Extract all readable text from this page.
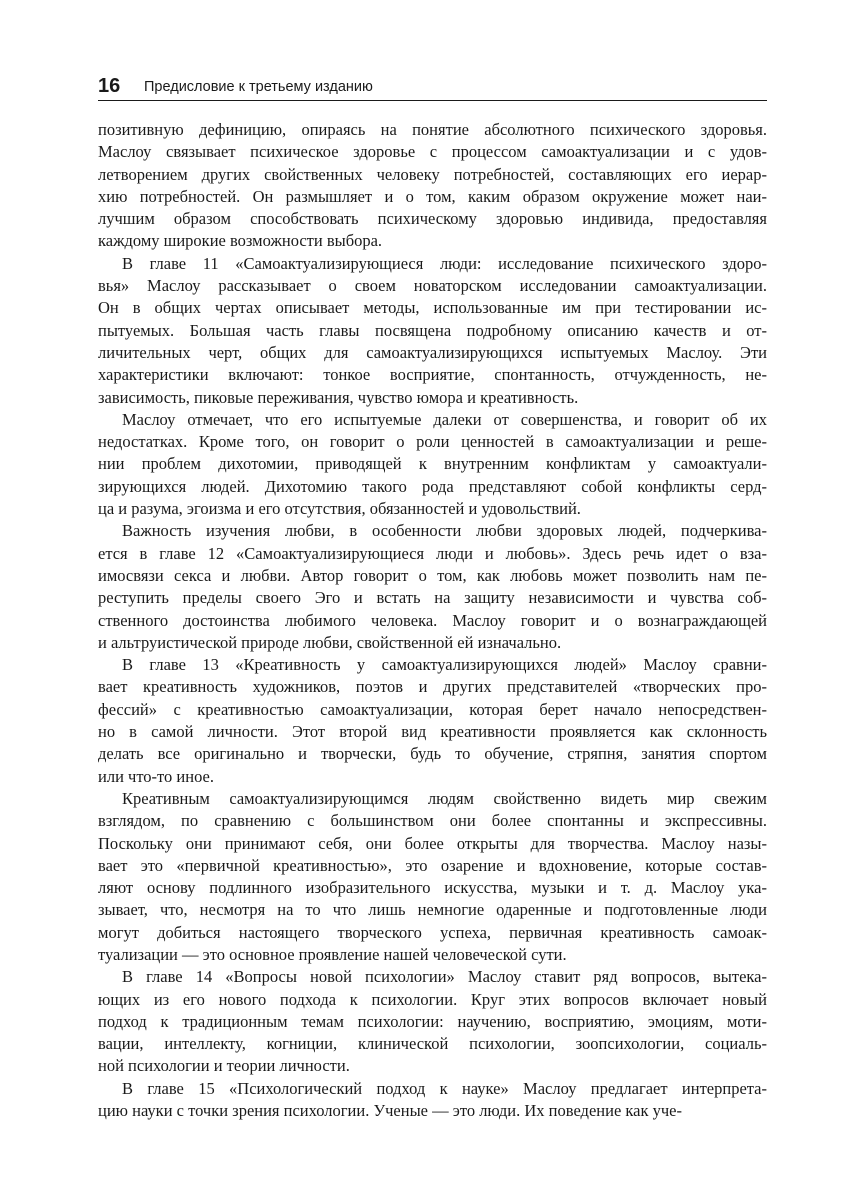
16 Предисловие к третьему изданию

позитивную дефиницию, опираясь на понятие абсолютного психического здоровья.

Маслоу связывает психическое здоровье с процессом самоактуализации и с удов-

летворением других свойственных человеку потребностей, составляющих его иерар-

хию потребностей. Он размышляет и о том, каким образом окружение может наи-

лучшим образом способствовать психическому здоровью индивида, предоставляя

каждому широкие возможности выбора.

В главе 11 «Самоактуализирующиеся люди: исследование психического здоро-

вья» Маслоу рассказывает о своем новаторском исследовании самоактуализации.

Он в общих чертах описывает методы, использованные им при тестировании ис-

пытуемых. Большая часть главы посвящена подробному описанию качеств и от-

личительных черт, общих для самоактуализирующихся испытуемых Маслоу. Эти

характеристики включают: тонкое восприятие, спонтанность, отчужденность, не-

зависимость, пиковые переживания, чувство юмора и креативность.

Маслоу отмечает, что его испытуемые далеки от совершенства, и говорит об их

недостатках. Кроме того, он говорит о роли ценностей в самоактуализации и реше-

нии проблем дихотомии, приводящей к внутренним конфликтам у самоактуали-

зирующихся людей. Дихотомию такого рода представляют собой конфликты серд-

ца и разума, эгоизма и его отсутствия, обязанностей и удовольствий.

Важность изучения любви, в особенности любви здоровых людей, подчеркива-

ется в главе 12 «Самоактуализирующиеся люди и любовь». Здесь речь идет о вза-

имосвязи секса и любви. Автор говорит о том, как любовь может позволить нам пе-

реступить пределы своего Эго и встать на защиту независимости и чувства соб-

ственного достоинства любимого человека. Маслоу говорит и о вознаграждающей

и альтруистической природе любви, свойственной ей изначально.

В главе 13 «Креативность у самоактуализирующихся людей» Маслоу сравни-

вает креативность художников, поэтов и других представителей «творческих про-

фессий» с креативностью самоактуализации, которая берет начало непосредствен-

но в самой личности. Этот второй вид креативности проявляется как склонность

делать все оригинально и творчески, будь то обучение, стряпня, занятия спортом

или что-то иное.

Креативным самоактуализирующимся людям свойственно видеть мир свежим

взглядом, по сравнению с большинством они более спонтанны и экспрессивны.

Поскольку они принимают себя, они более открыты для творчества. Маслоу назы-

вает это «первичной креативностью», это озарение и вдохновение, которые состав-

ляют основу подлинного изобразительного искусства, музыки и т. д. Маслоу ука-

зывает, что, несмотря на то что лишь немногие одаренные и подготовленные люди

могут добиться настоящего творческого успеха, первичная креативность самоак-

туализации — это основное проявление нашей человеческой сути.

В главе 14 «Вопросы новой психологии» Маслоу ставит ряд вопросов, вытека-

ющих из его нового подхода к психологии. Круг этих вопросов включает новый

подход к традиционным темам психологии: научению, восприятию, эмоциям, моти-

вации, интеллекту, когниции, клинической психологии, зоопсихологии, социаль-

ной психологии и теории личности.

В главе 15 «Психологический подход к науке» Маслоу предлагает интерпрета-

цию науки с точки зрения психологии. Ученые — это люди. Их поведение как уче-
